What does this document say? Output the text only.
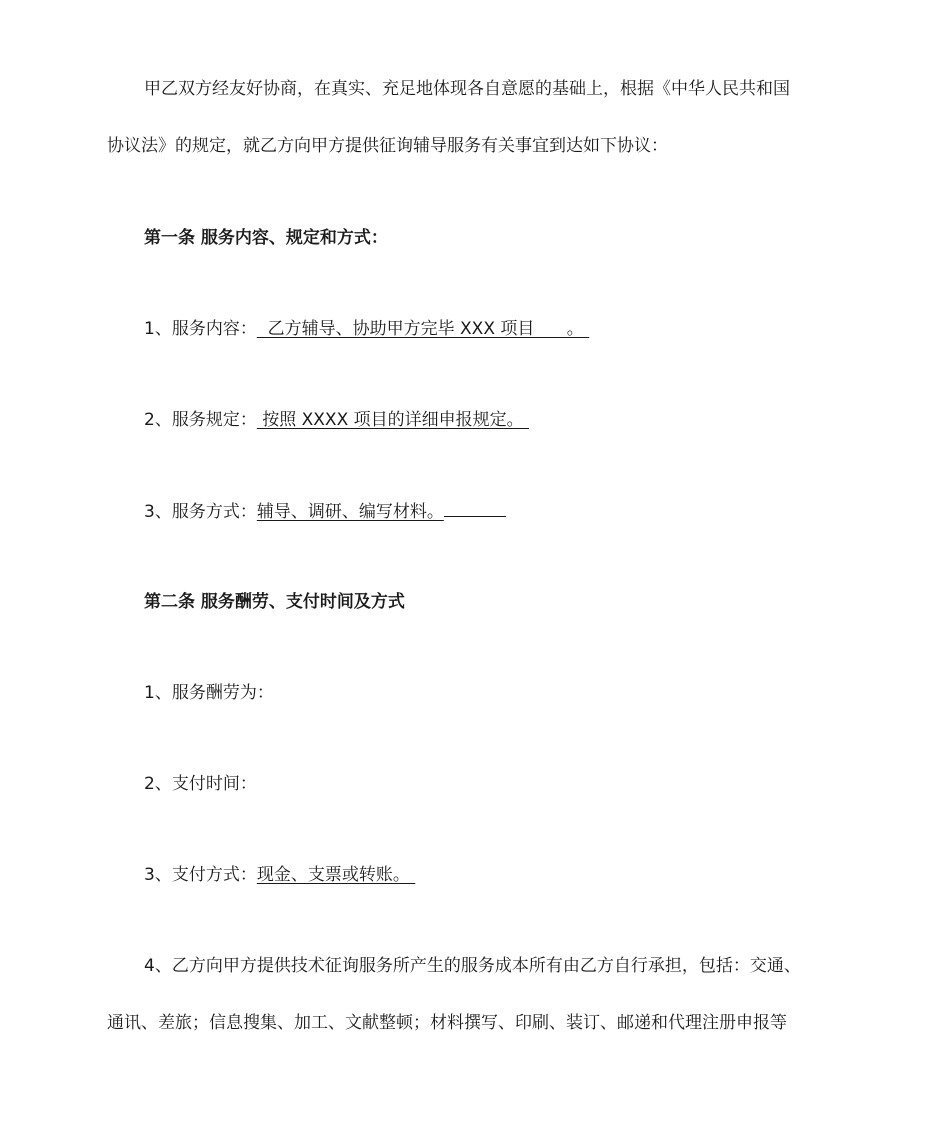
甲乙双方经友好协商，在真实、充足地体现各自意愿的基础上，根据《中华人民共和国
协议法》的规定，就乙方向甲方提供征询辅导服务有关事宜到达如下协议：
第一条 服务内容、规定和方式：
1、服务内容：  乙方辅导、协助甲方完毕 XXX 项目      。
2、服务规定： 按照 XXXX 项目的详细申报规定。
3、服务方式：辅导、调研、编写材料。
第二条 服务酬劳、支付时间及方式
1、服务酬劳为：
2、支付时间：
3、支付方式：现金、支票或转账。
4、乙方向甲方提供技术征询服务所产生的服务成本所有由乙方自行承担，包括：交通、
通讯、差旅；信息搜集、加工、文献整顿；材料撰写、印刷、装订、邮递和代理注册申报等
